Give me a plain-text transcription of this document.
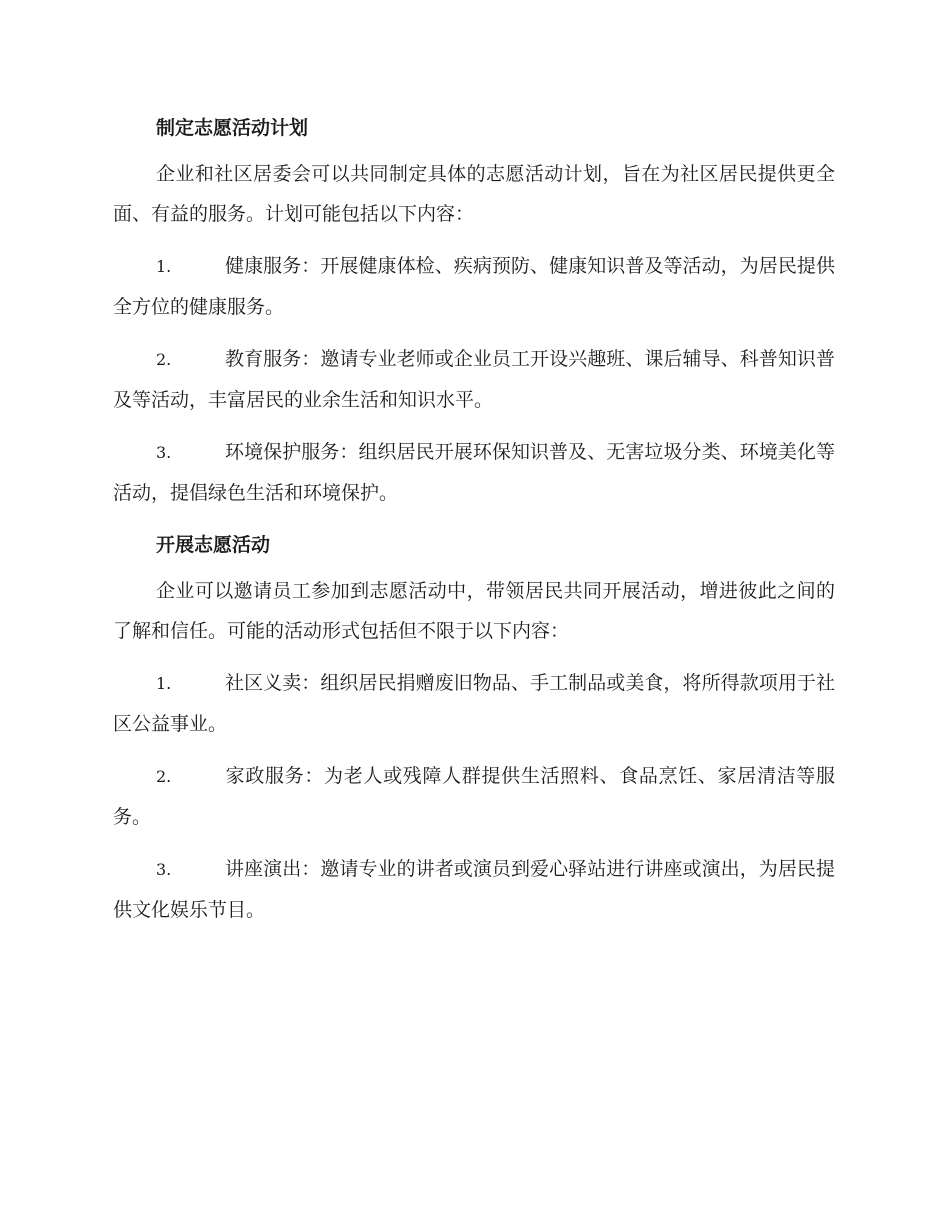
制定志愿活动计划

企业和社区居委会可以共同制定具体的志愿活动计划，旨在为社区居民提供更全面、有益的服务。计划可能包括以下内容：

1.	健康服务：开展健康体检、疾病预防、健康知识普及等活动，为居民提供全方位的健康服务。

2.	教育服务：邀请专业老师或企业员工开设兴趣班、课后辅导、科普知识普及等活动，丰富居民的业余生活和知识水平。

3.	环境保护服务：组织居民开展环保知识普及、无害垃圾分类、环境美化等活动，提倡绿色生活和环境保护。

开展志愿活动

企业可以邀请员工参加到志愿活动中，带领居民共同开展活动，增进彼此之间的了解和信任。可能的活动形式包括但不限于以下内容：

1.	社区义卖：组织居民捐赠废旧物品、手工制品或美食，将所得款项用于社区公益事业。

2.	家政服务：为老人或残障人群提供生活照料、食品烹饪、家居清洁等服务。

3.	讲座演出：邀请专业的讲者或演员到爱心驿站进行讲座或演出，为居民提供文化娱乐节目。
